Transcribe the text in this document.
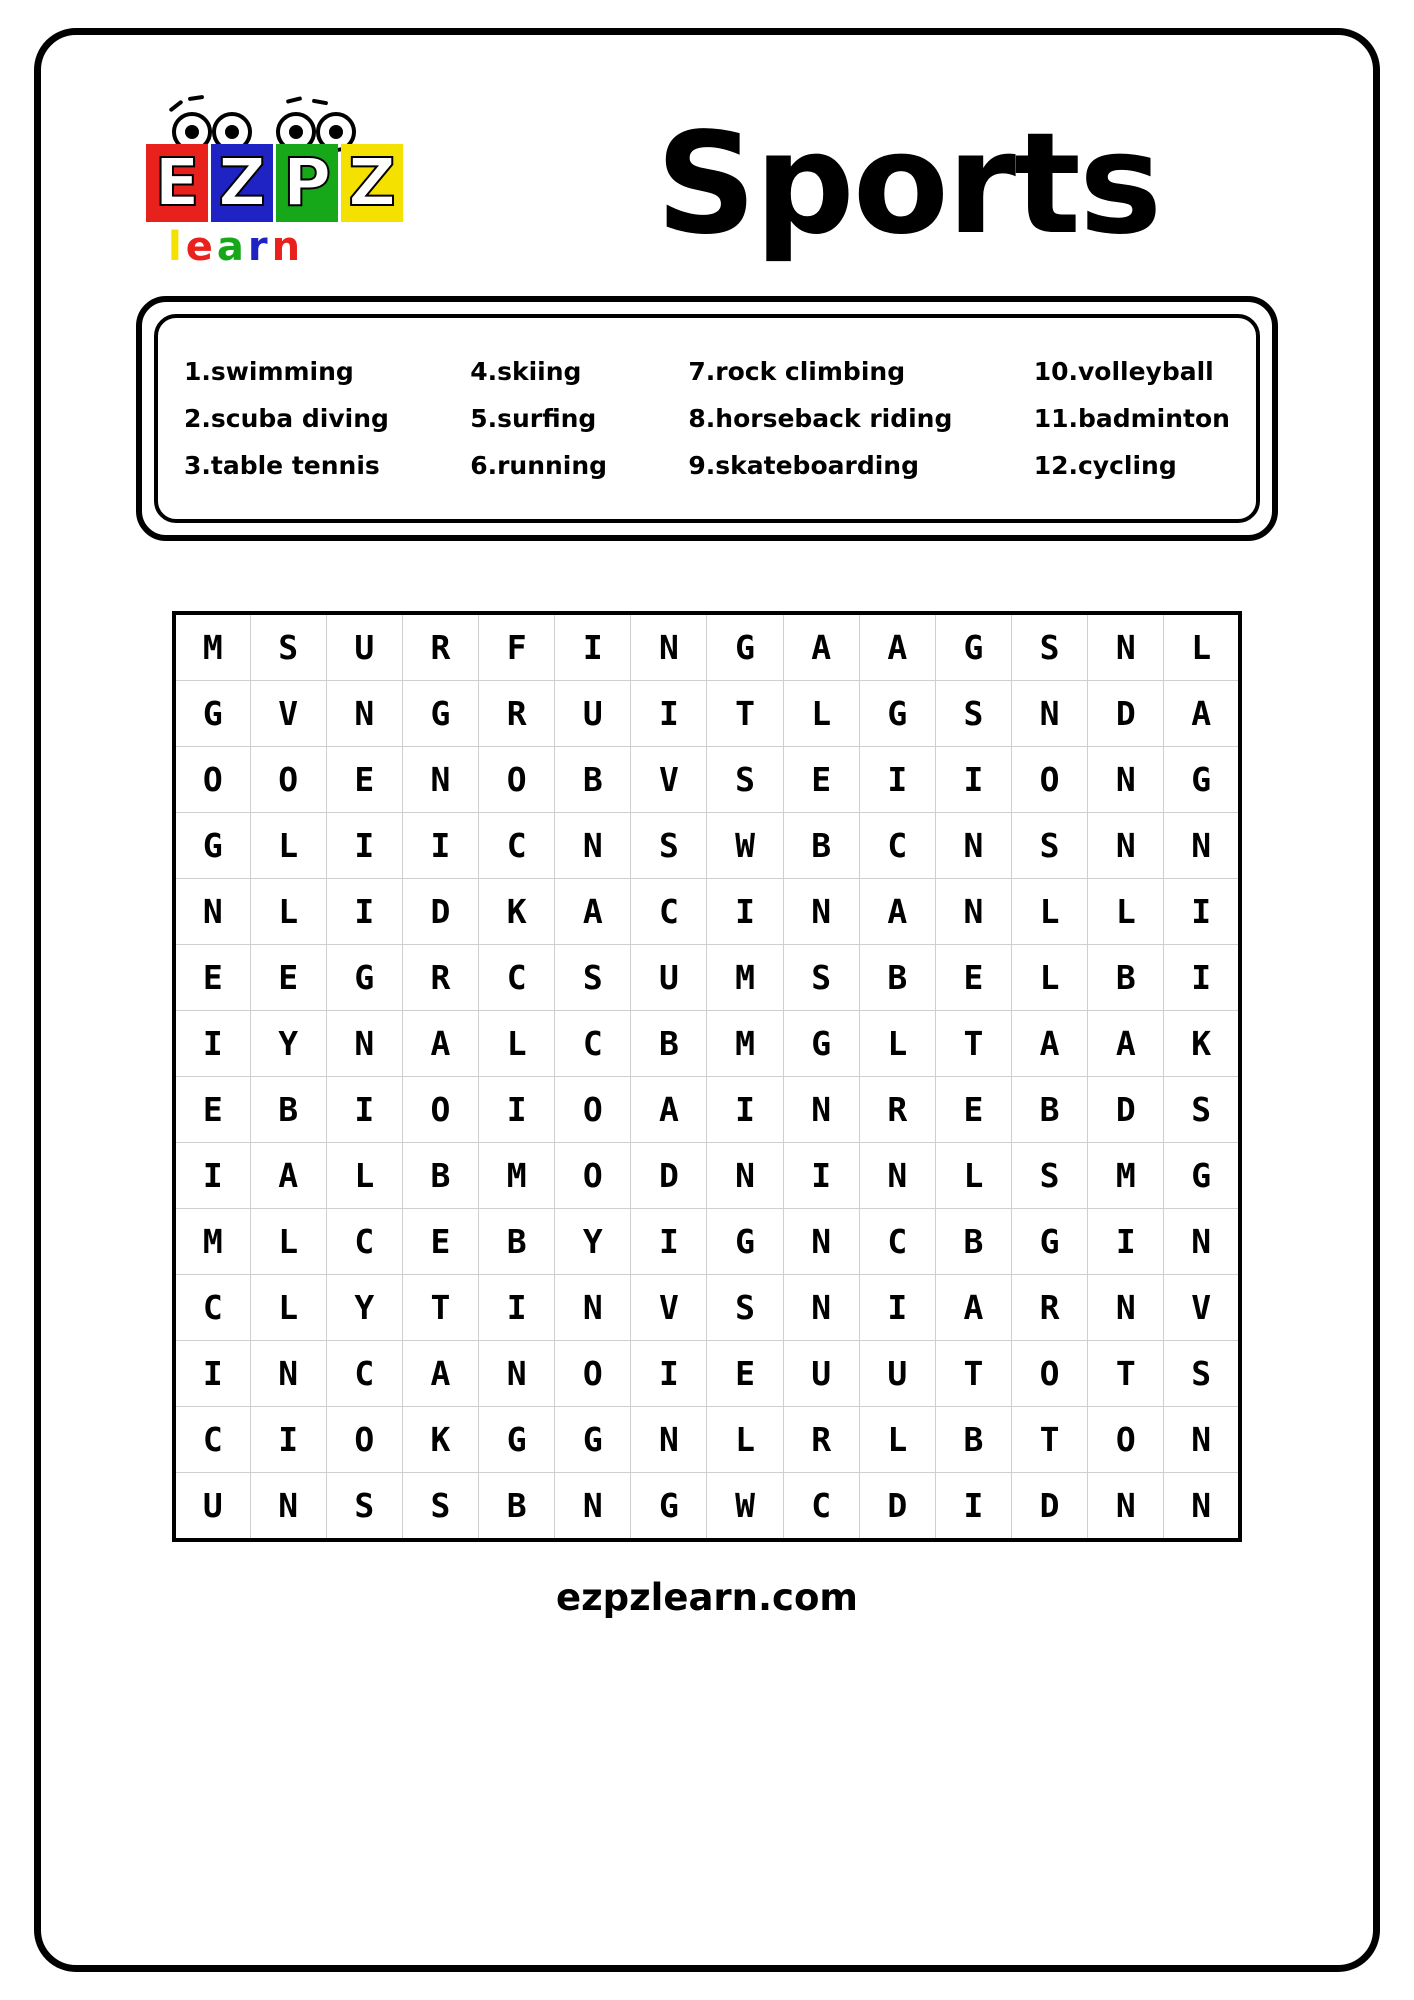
E Z P Z
learn	Sports
1.swimming
2.scuba diving
3.table tennis
4.skiing
5.surfing
6.running
7.rock climbing
8.horseback riding
9.skateboarding
10.volleyball
11.badminton
12.cycling
M	S	U	R	F	I	N	G	A	A	G	S	N	L
G	V	N	G	R	U	I	T	L	G	S	N	D	A
O	O	E	N	O	B	V	S	E	I	I	O	N	G
G	L	I	I	C	N	S	W	B	C	N	S	N	N
N	L	I	D	K	A	C	I	N	A	N	L	L	I
E	E	G	R	C	S	U	M	S	B	E	L	B	I
I	Y	N	A	L	C	B	M	G	L	T	A	A	K
E	B	I	O	I	O	A	I	N	R	E	B	D	S
I	A	L	B	M	O	D	N	I	N	L	S	M	G
M	L	C	E	B	Y	I	G	N	C	B	G	I	N
C	L	Y	T	I	N	V	S	N	I	A	R	N	V
I	N	C	A	N	O	I	E	U	U	T	O	T	S
C	I	O	K	G	G	N	L	R	L	B	T	O	N
U	N	S	S	B	N	G	W	C	D	I	D	N	N
ezpzlearn.com
